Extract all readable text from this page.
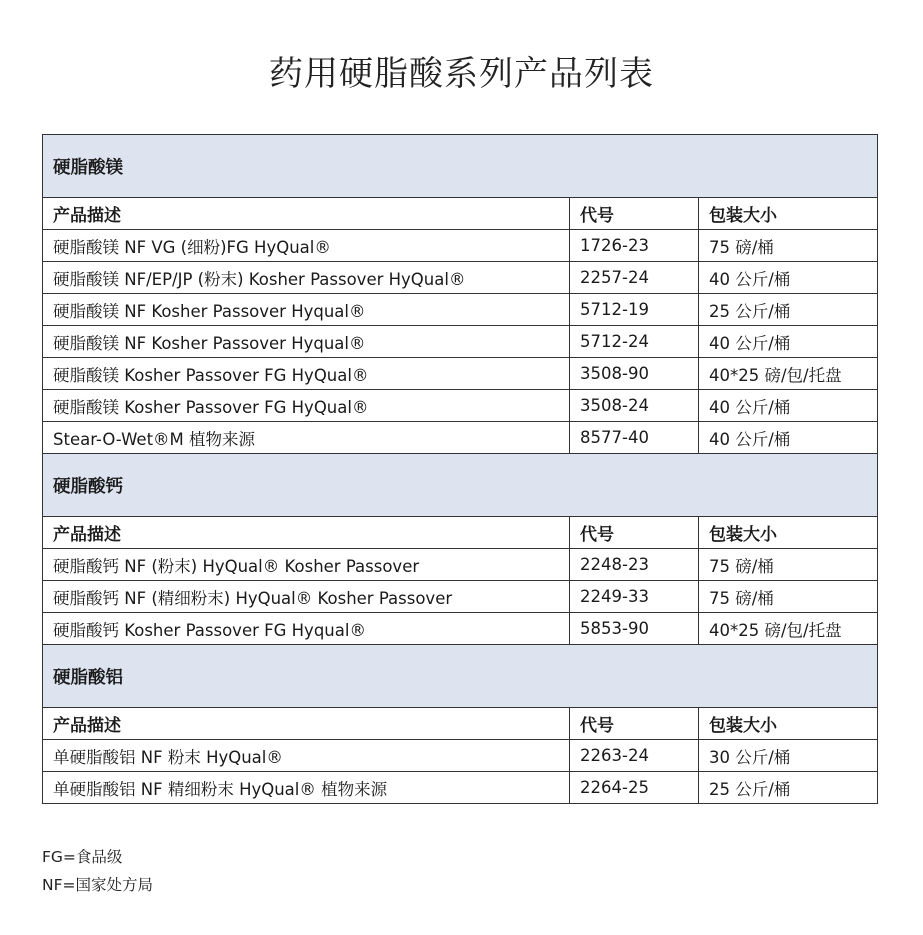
药用硬脂酸系列产品列表
硬脂酸镁		
产品描述	代号	包装大小
硬脂酸镁 NF VG (细粉)FG HyQual®	1726-23	75 磅/桶
硬脂酸镁 NF/EP/JP (粉末) Kosher Passover HyQual®	2257-24	40 公斤/桶
硬脂酸镁 NF Kosher Passover Hyqual®	5712-19	25 公斤/桶
硬脂酸镁 NF Kosher Passover Hyqual®	5712-24	40 公斤/桶
硬脂酸镁 Kosher Passover FG HyQual®	3508-90	40*25 磅/包/托盘
硬脂酸镁 Kosher Passover FG HyQual®	3508-24	40 公斤/桶
Stear-O-Wet®M 植物来源	8577-40	40 公斤/桶
硬脂酸钙		
产品描述	代号	包装大小
硬脂酸钙 NF (粉末) HyQual® Kosher Passover	2248-23	75 磅/桶
硬脂酸钙 NF (精细粉末) HyQual® Kosher Passover	2249-33	75 磅/桶
硬脂酸钙 Kosher Passover FG Hyqual®	5853-90	40*25 磅/包/托盘
硬脂酸铝		
产品描述	代号	包装大小
单硬脂酸铝 NF 粉末 HyQual®	2263-24	30 公斤/桶
单硬脂酸铝 NF 精细粉末 HyQual® 植物来源	2264-25	25 公斤/桶
FG=食品级
NF=国家处方局
